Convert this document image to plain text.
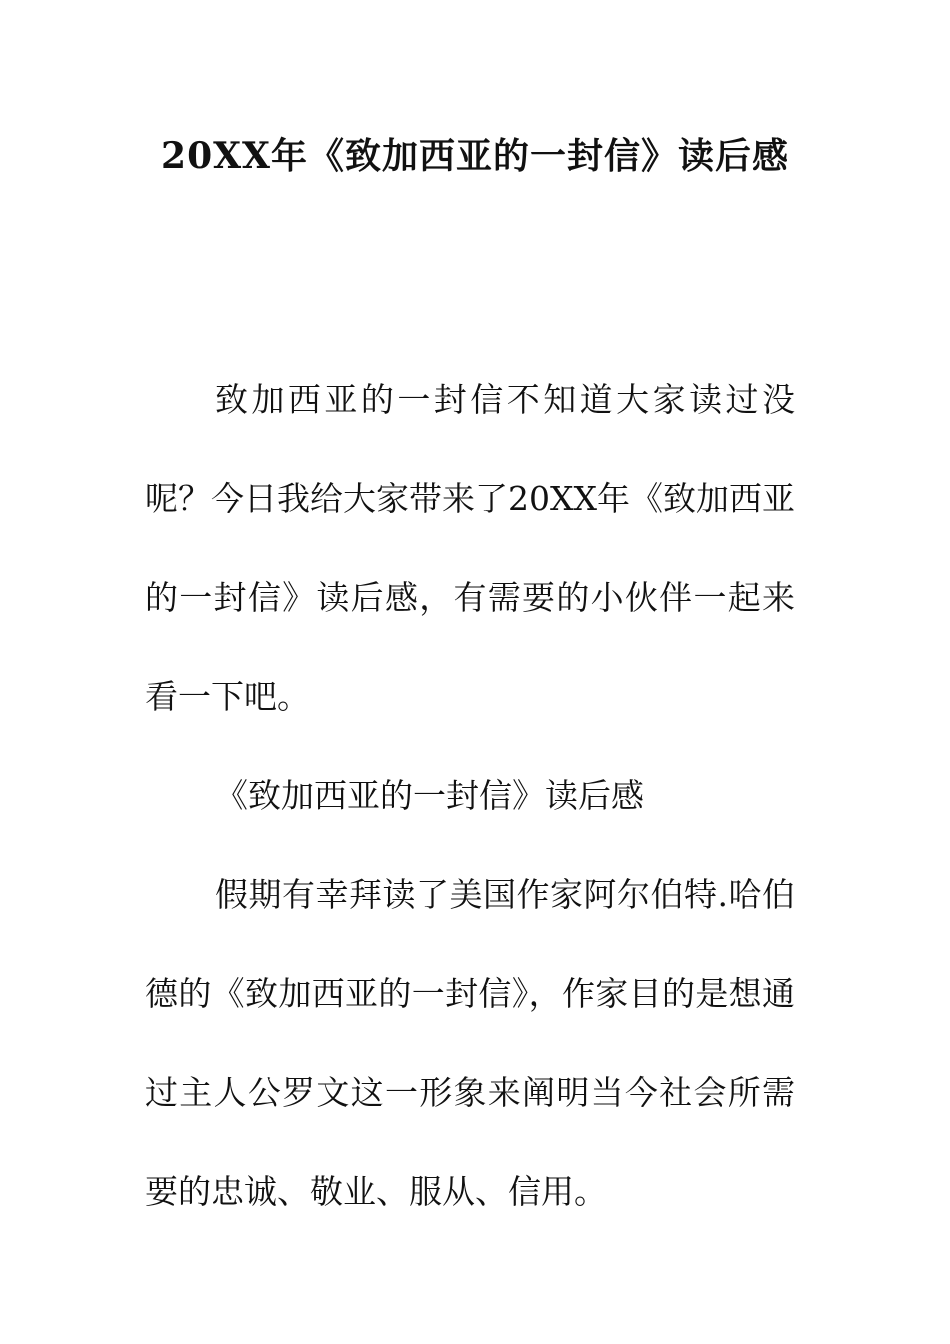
20XX年《致加西亚的一封信》读后感

致加西亚的一封信不知道大家读过没呢？今日我给大家带来了20XX年《致加西亚的一封信》读后感，有需要的小伙伴一起来看一下吧。

《致加西亚的一封信》读后感

假期有幸拜读了美国作家阿尔伯特.哈伯德的《致加西亚的一封信》，作家目的是想通过主人公罗文这一形象来阐明当今社会所需要的忠诚、敬业、服从、信用。
